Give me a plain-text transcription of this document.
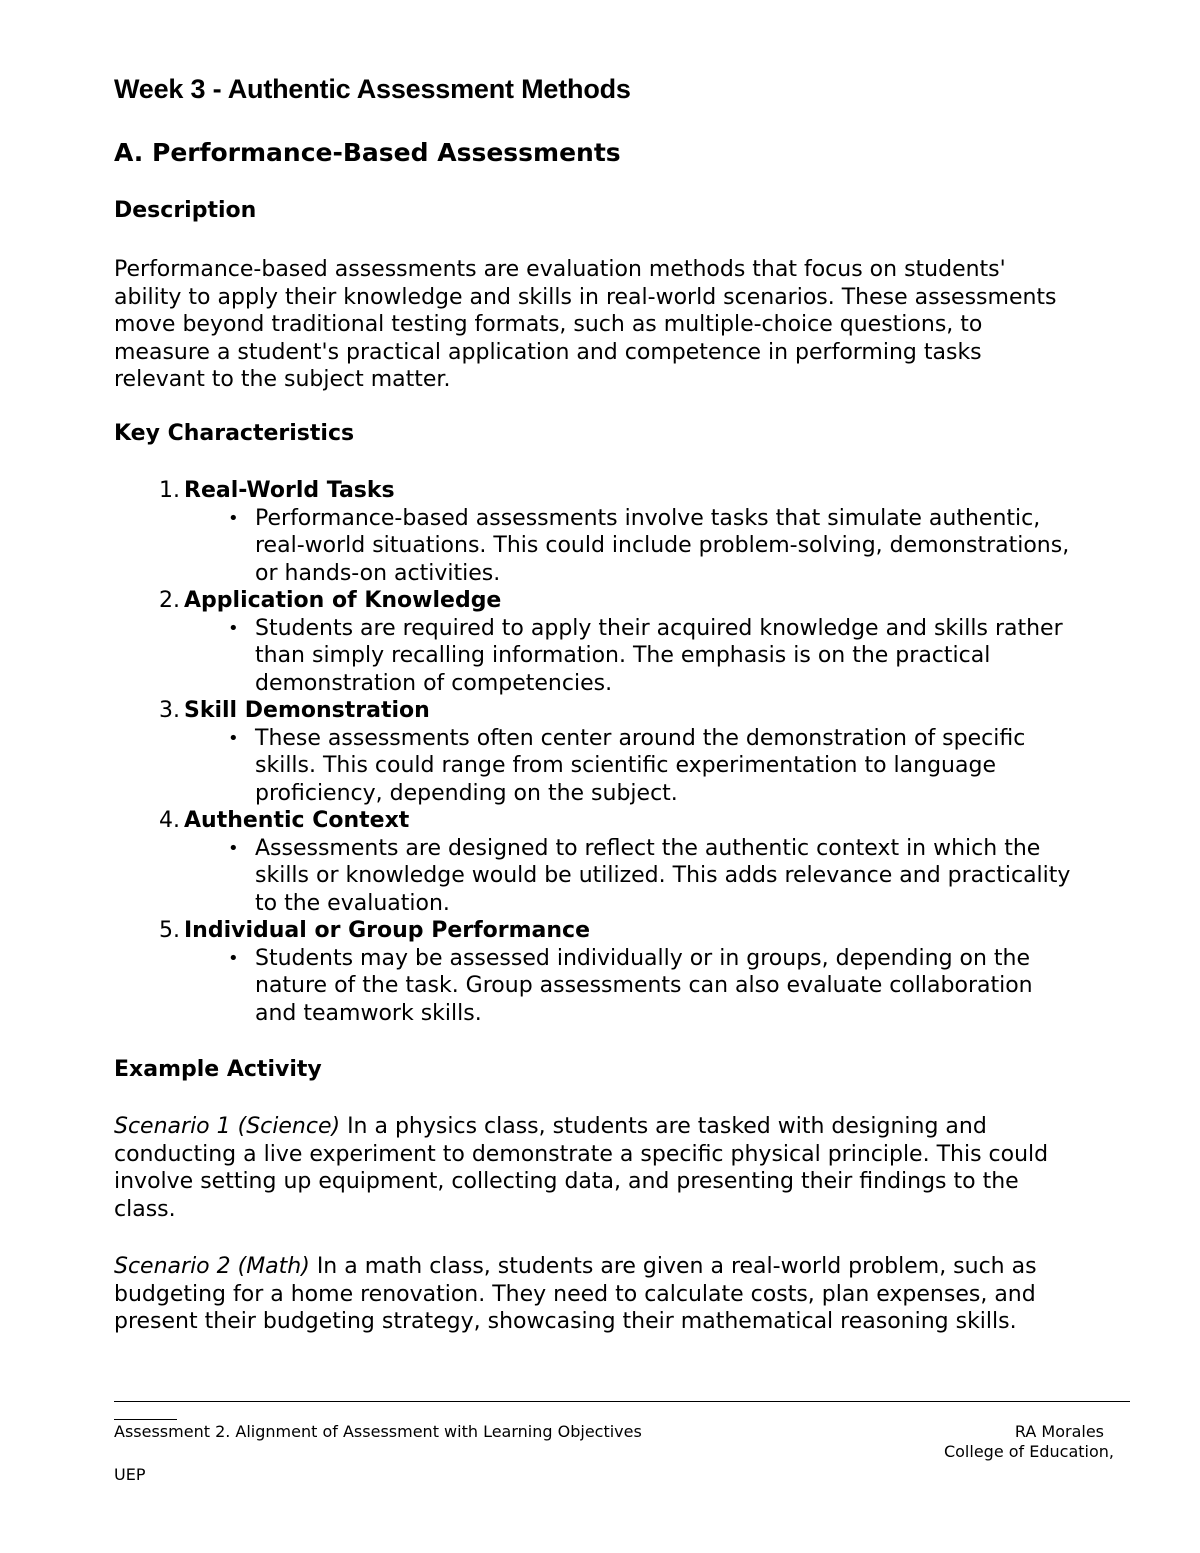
Week 3 - Authentic Assessment Methods
A. Performance-Based Assessments
Description

Performance-based assessments are evaluation methods that focus on students'
ability to apply their knowledge and skills in real-world scenarios. These assessments
move beyond traditional testing formats, such as multiple-choice questions, to
measure a student's practical application and competence in performing tasks
relevant to the subject matter.

Key Characteristics
1. Real-World Tasks
• Performance-based assessments involve tasks that simulate authentic,
real-world situations. This could include problem-solving, demonstrations,
or hands-on activities.
2. Application of Knowledge
• Students are required to apply their acquired knowledge and skills rather
than simply recalling information. The emphasis is on the practical
demonstration of competencies.
3. Skill Demonstration
• These assessments often center around the demonstration of specific
skills. This could range from scientific experimentation to language
proficiency, depending on the subject.
4. Authentic Context
• Assessments are designed to reflect the authentic context in which the
skills or knowledge would be utilized. This adds relevance and practicality
to the evaluation.
5. Individual or Group Performance
• Students may be assessed individually or in groups, depending on the
nature of the task. Group assessments can also evaluate collaboration
and teamwork skills.
Example Activity

Scenario 1 (Science) In a physics class, students are tasked with designing and
conducting a live experiment to demonstrate a specific physical principle. This could
involve setting up equipment, collecting data, and presenting their findings to the
class.

Scenario 2 (Math) In a math class, students are given a real-world problem, such as
budgeting for a home renovation. They need to calculate costs, plan expenses, and
present their budgeting strategy, showcasing their mathematical reasoning skills.

Assessment 2. Alignment of Assessment with Learning Objectives	RA Morales

College of Education,

UEP
